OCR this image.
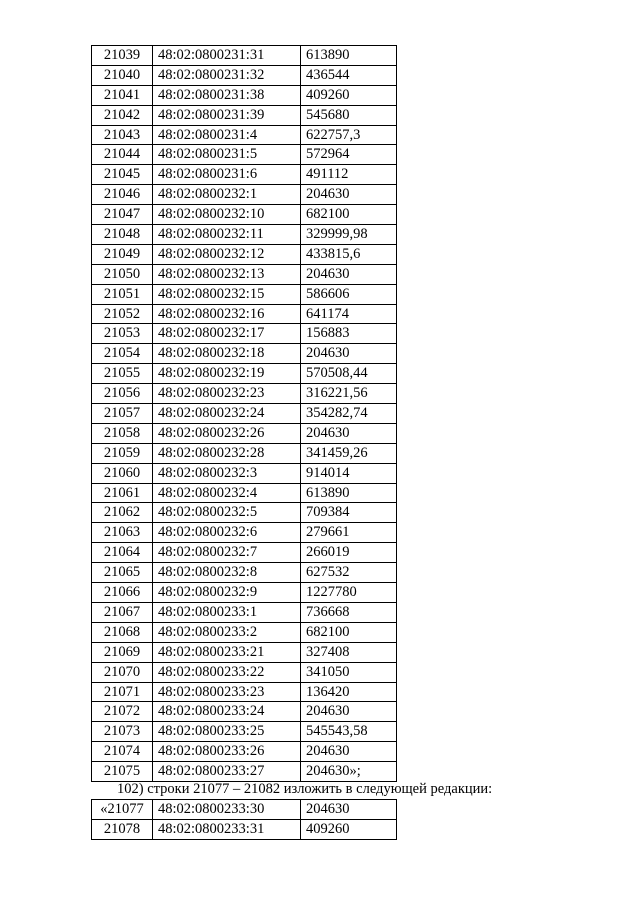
21039	48:02:0800231:31	613890
21040	48:02:0800231:32	436544
21041	48:02:0800231:38	409260
21042	48:02:0800231:39	545680
21043	48:02:0800231:4	622757,3
21044	48:02:0800231:5	572964
21045	48:02:0800231:6	491112
21046	48:02:0800232:1	204630
21047	48:02:0800232:10	682100
21048	48:02:0800232:11	329999,98
21049	48:02:0800232:12	433815,6
21050	48:02:0800232:13	204630
21051	48:02:0800232:15	586606
21052	48:02:0800232:16	641174
21053	48:02:0800232:17	156883
21054	48:02:0800232:18	204630
21055	48:02:0800232:19	570508,44
21056	48:02:0800232:23	316221,56
21057	48:02:0800232:24	354282,74
21058	48:02:0800232:26	204630
21059	48:02:0800232:28	341459,26
21060	48:02:0800232:3	914014
21061	48:02:0800232:4	613890
21062	48:02:0800232:5	709384
21063	48:02:0800232:6	279661
21064	48:02:0800232:7	266019
21065	48:02:0800232:8	627532
21066	48:02:0800232:9	1227780
21067	48:02:0800233:1	736668
21068	48:02:0800233:2	682100
21069	48:02:0800233:21	327408
21070	48:02:0800233:22	341050
21071	48:02:0800233:23	136420
21072	48:02:0800233:24	204630
21073	48:02:0800233:25	545543,58
21074	48:02:0800233:26	204630
21075	48:02:0800233:27	204630»;
102) строки 21077 – 21082 изложить в следующей редакции:
«21077	48:02:0800233:30	204630
21078	48:02:0800233:31	409260
